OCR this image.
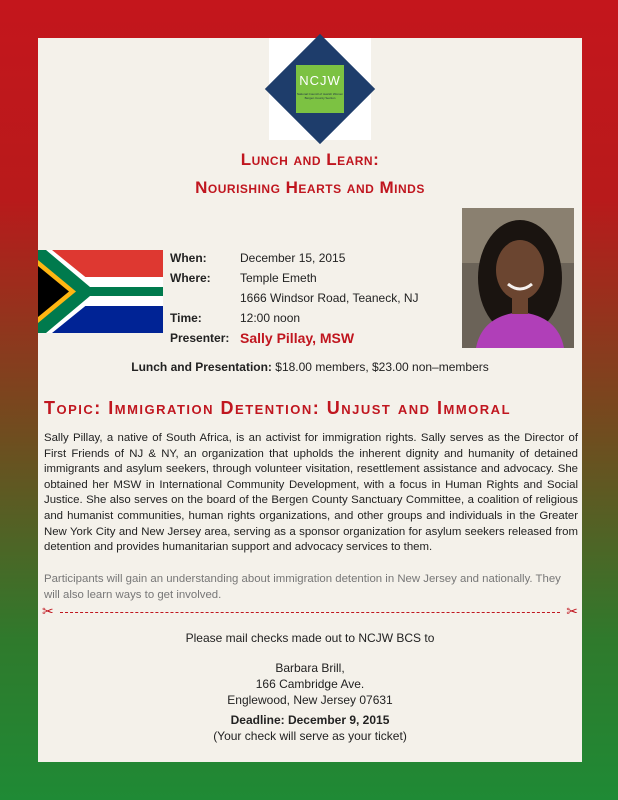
NCJW
National Council of Jewish Women Bergen County Section
Lunch and Learn:
Nourishing Hearts and Minds
When:	December 15, 2015
Where:	Temple Emeth
1666 Windsor Road, Teaneck, NJ
Time:	12:00 noon
Presenter: Sally Pillay, MSW
Lunch and Presentation: $18.00 members, $23.00 non–members
Topic: Immigration Detention: Unjust and Immoral

Sally Pillay, a native of South Africa, is an activist for immigration rights. Sally serves as the Director of First Friends of NJ & NY, an organization that upholds the inherent dignity and humanity of detained immigrants and asylum seekers, through volunteer visitation, resettlement assistance and advocacy. She obtained her MSW in International Community Development, with a focus in Human Rights and Social Justice. She also serves on the board of the Bergen County Sanctuary Committee, a coalition of religious and humanist communities, human rights organizations, and other groups and individuals in the Greater New York City and New Jersey area, serving as a sponsor organization for asylum seekers released from detention and provides humanitarian support and advocacy services to them.

Participants will gain an understanding about immigration detention in New Jersey and nationally. They will also learn ways to get involved.

✂	✂
Please mail checks made out to NCJW BCS to
Barbara Brill,
166 Cambridge Ave.
Englewood, New Jersey 07631
Deadline: December 9, 2015
(Your check will serve as your ticket)
